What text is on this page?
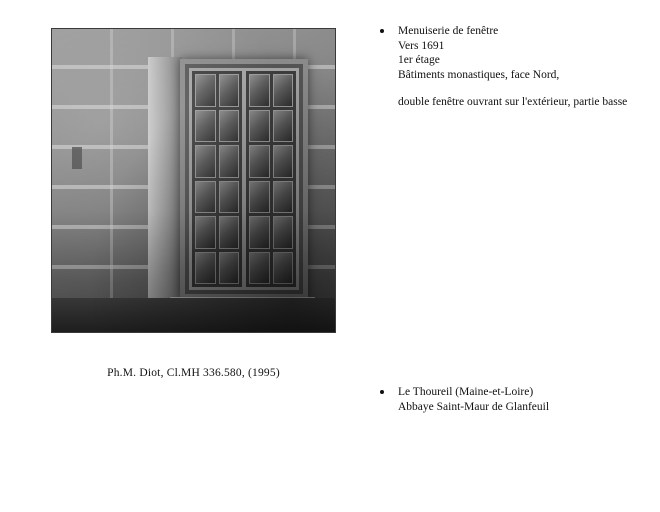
Ph.M. Diot, Cl.MH 336.580, (1995)
Menuiserie de fenêtre
Vers 1691
1er étage
Bâtiments monastiques, face Nord,
double fenêtre ouvrant sur l'extérieur, partie basse
Le Thoureil (Maine-et-Loire)
Abbaye Saint-Maur de Glanfeuil
